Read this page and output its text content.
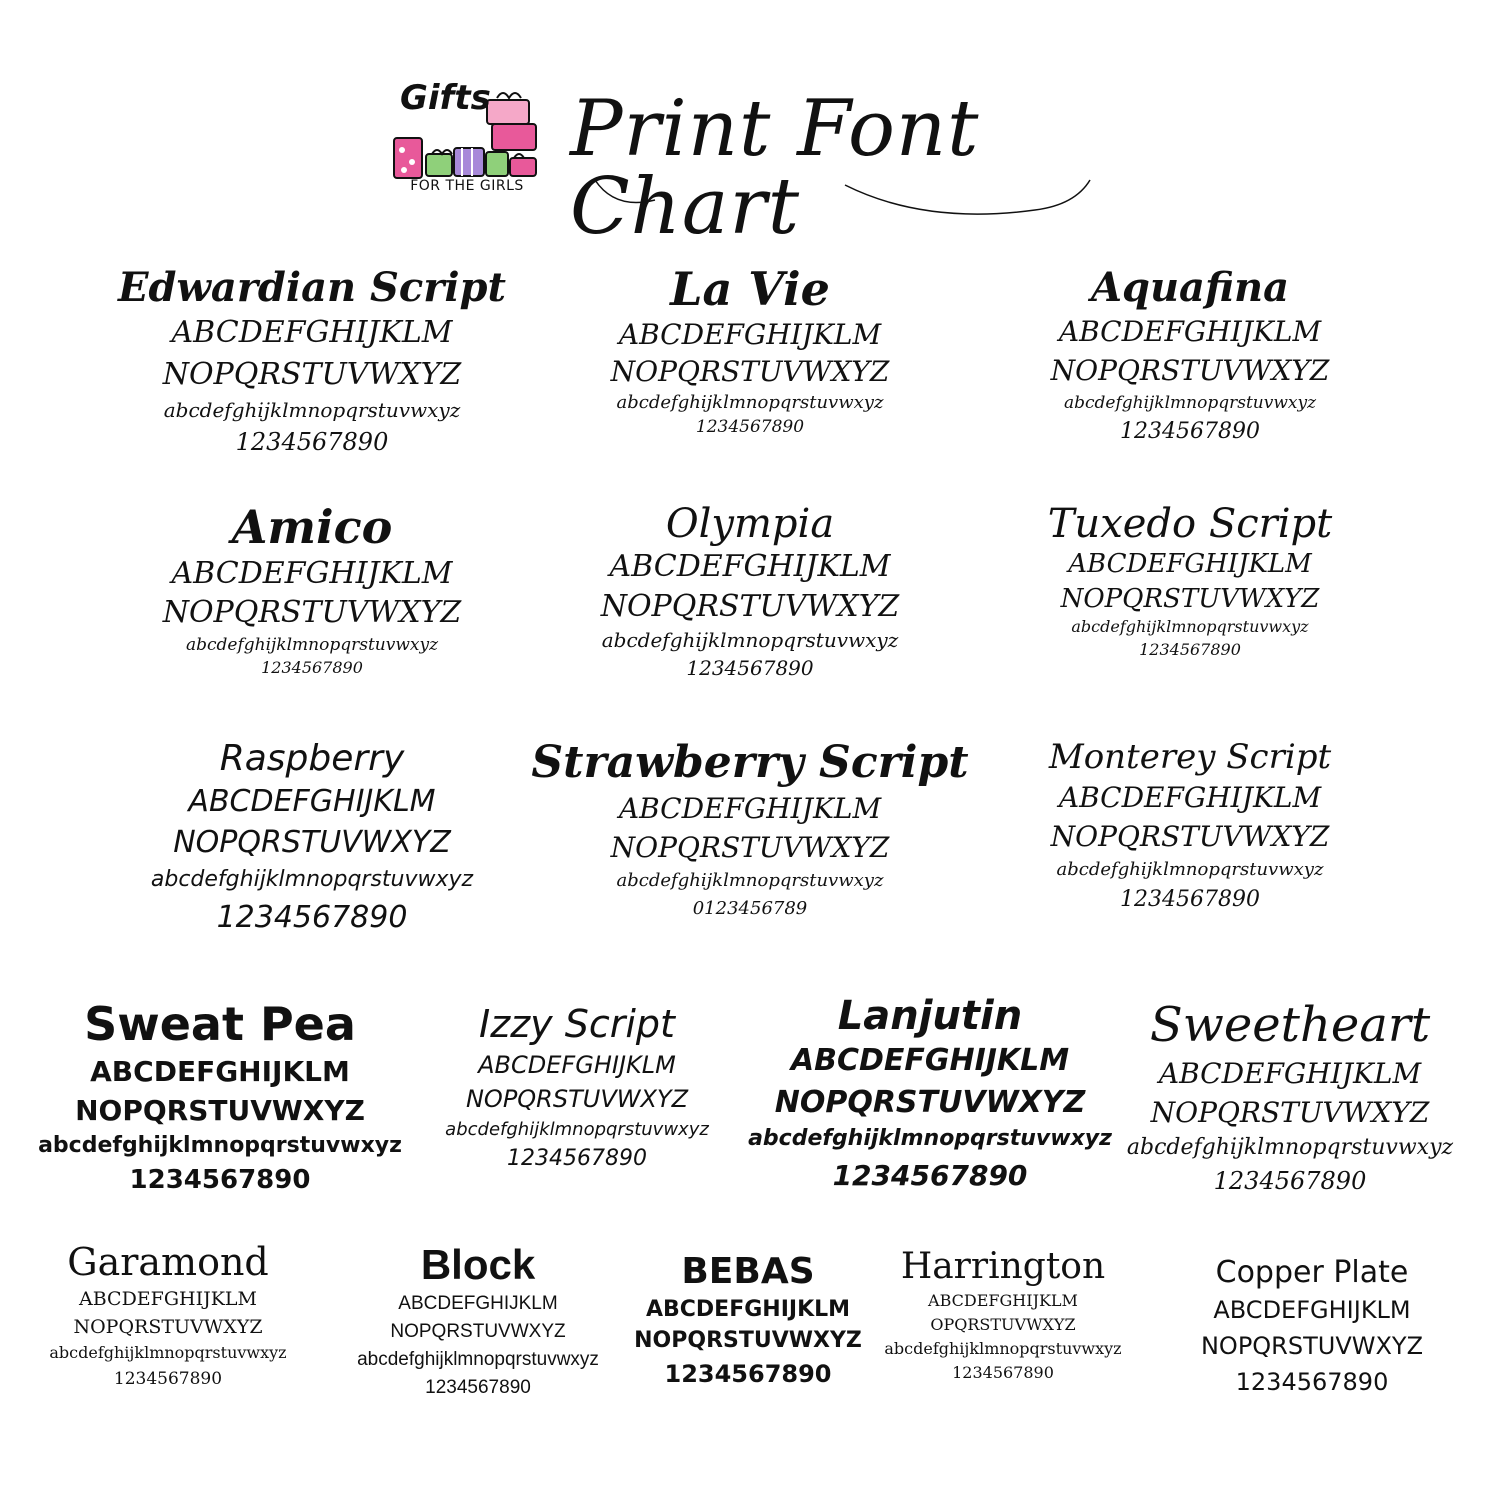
Gifts
FOR THE GIRLS
Print Font Chart
Edwardian Script
ABCDEFGHIJKLM
NOPQRSTUVWXYZ
abcdefghijklmnopqrstuvwxyz
1234567890
La Vie
ABCDEFGHIJKLM
NOPQRSTUVWXYZ
abcdefghijklmnopqrstuvwxyz
1234567890
Aquafina
ABCDEFGHIJKLM
NOPQRSTUVWXYZ
abcdefghijklmnopqrstuvwxyz
1234567890
Amico
ABCDEFGHIJKLM
NOPQRSTUVWXYZ
abcdefghijklmnopqrstuvwxyz
1234567890
Olympia
ABCDEFGHIJKLM
NOPQRSTUVWXYZ
abcdefghijklmnopqrstuvwxyz
1234567890
Tuxedo Script
ABCDEFGHIJKLM
NOPQRSTUVWXYZ
abcdefghijklmnopqrstuvwxyz
1234567890
Raspberry
ABCDEFGHIJKLM
NOPQRSTUVWXYZ
abcdefghijklmnopqrstuvwxyz
1234567890
Strawberry Script
ABCDEFGHIJKLM
NOPQRSTUVWXYZ
abcdefghijklmnopqrstuvwxyz
0123456789
Monterey Script
ABCDEFGHIJKLM
NOPQRSTUVWXYZ
abcdefghijklmnopqrstuvwxyz
1234567890
Sweat Pea
ABCDEFGHIJKLM
NOPQRSTUVWXYZ
abcdefghijklmnopqrstuvwxyz
1234567890
Izzy Script
ABCDEFGHIJKLM
NOPQRSTUVWXYZ
abcdefghijklmnopqrstuvwxyz
1234567890
Lanjutin
ABCDEFGHIJKLM
NOPQRSTUVWXYZ
abcdefghijklmnopqrstuvwxyz
1234567890
Sweetheart
ABCDEFGHIJKLM
NOPQRSTUVWXYZ
abcdefghijklmnopqrstuvwxyz
1234567890
Garamond
ABCDEFGHIJKLM
NOPQRSTUVWXYZ
abcdefghijklmnopqrstuvwxyz
1234567890
Block
ABCDEFGHIJKLM
NOPQRSTUVWXYZ
abcdefghijklmnopqrstuvwxyz
1234567890
BEBAS
ABCDEFGHIJKLM
NOPQRSTUVWXYZ
1234567890
Harrington
ABCDEFGHIJKLM
OPQRSTUVWXYZ
abcdefghijklmnopqrstuvwxyz
1234567890
Copper Plate
ABCDEFGHIJKLM
NOPQRSTUVWXYZ
1234567890
